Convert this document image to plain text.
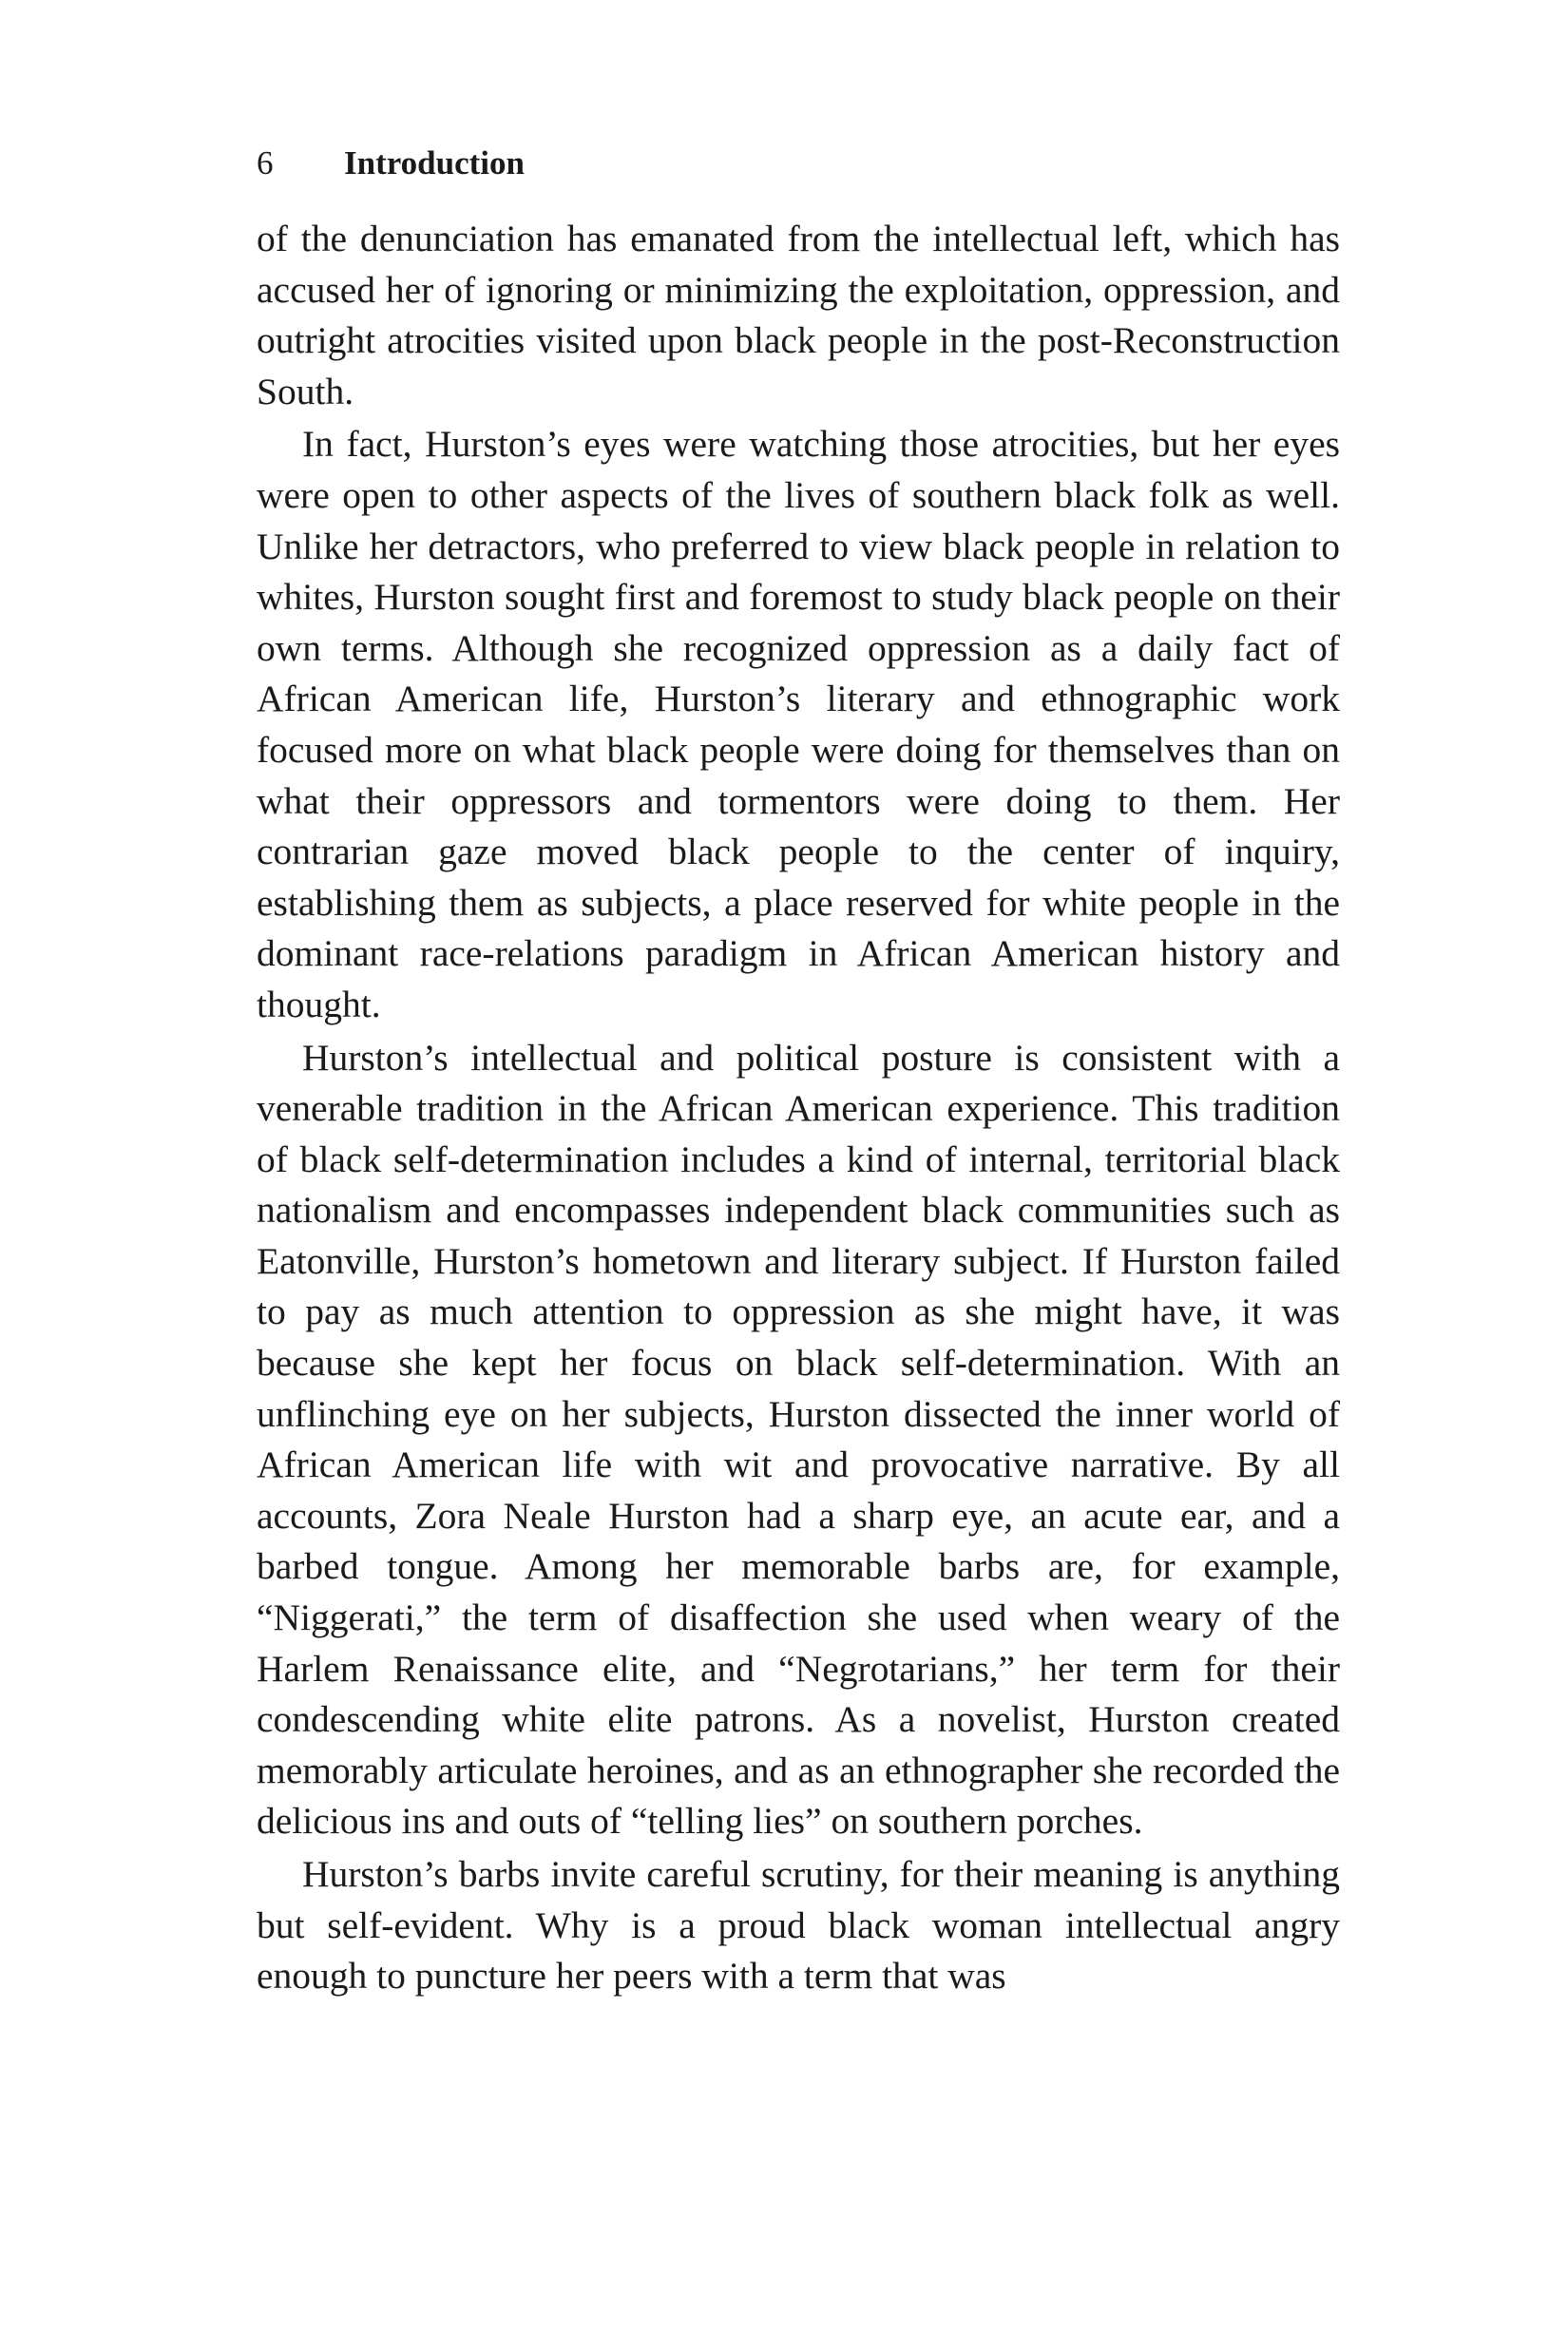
6 Introduction

of the denunciation has emanated from the intellectual left, which has accused her of ignoring or minimizing the exploitation, oppression, and outright atrocities visited upon black people in the post-Reconstruction South.

In fact, Hurston’s eyes were watching those atrocities, but her eyes were open to other aspects of the lives of southern black folk as well. Unlike her detractors, who preferred to view black people in relation to whites, Hurston sought first and foremost to study black people on their own terms. Although she recognized oppression as a daily fact of African American life, Hurston’s literary and ethnographic work focused more on what black people were doing for themselves than on what their oppressors and tormentors were doing to them. Her contrarian gaze moved black people to the center of inquiry, establishing them as subjects, a place reserved for white people in the dominant race-relations paradigm in African American history and thought.

Hurston’s intellectual and political posture is consistent with a venerable tradition in the African American experience. This tradition of black self-determination includes a kind of internal, territorial black nationalism and encompasses independent black communities such as Eatonville, Hurston’s hometown and literary subject. If Hurston failed to pay as much attention to oppression as she might have, it was because she kept her focus on black self-determination. With an unflinching eye on her subjects, Hurston dissected the inner world of African American life with wit and provocative narrative. By all accounts, Zora Neale Hurston had a sharp eye, an acute ear, and a barbed tongue. Among her memorable barbs are, for example, “Niggerati,” the term of disaffection she used when weary of the Harlem Renaissance elite, and “Negrotarians,” her term for their condescending white elite patrons. As a novelist, Hurston created memorably articulate heroines, and as an ethnographer she recorded the delicious ins and outs of “telling lies” on southern porches.

Hurston’s barbs invite careful scrutiny, for their meaning is anything but self-evident. Why is a proud black woman intellectual angry enough to puncture her peers with a term that was
